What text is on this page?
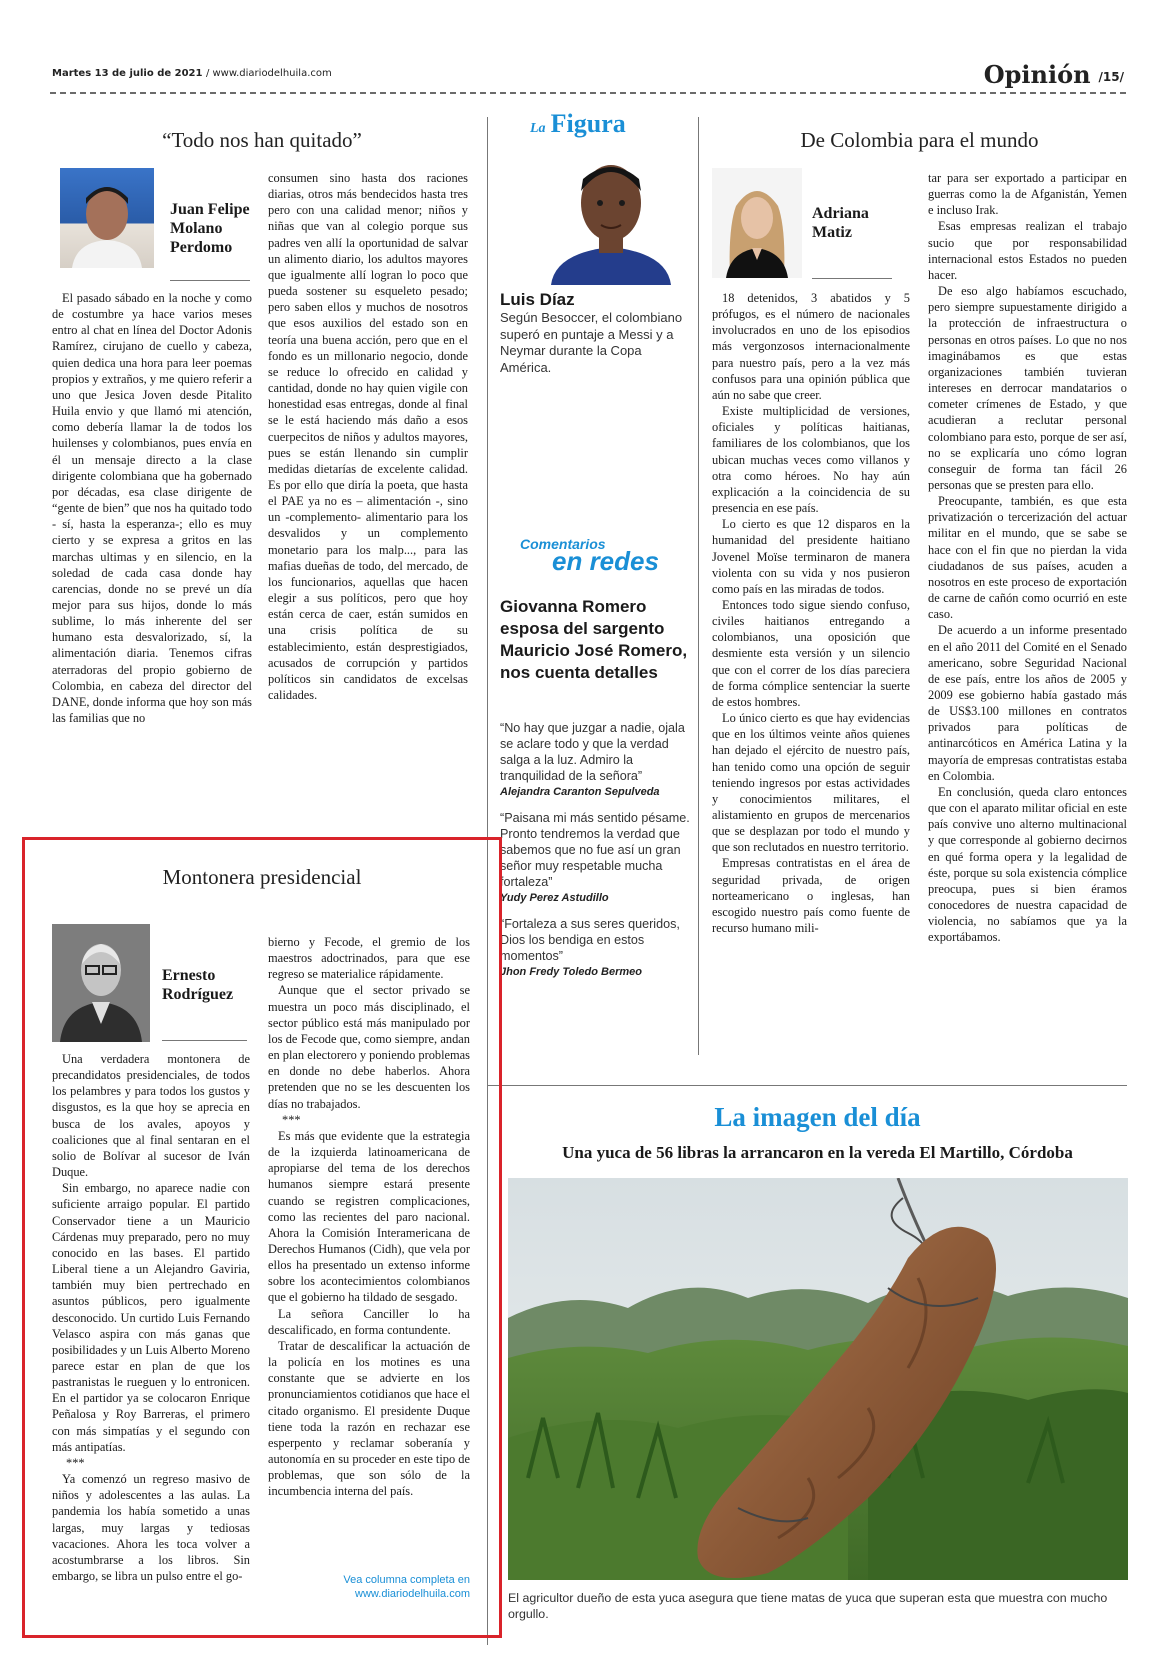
Martes 13 de julio de 2021 / www.diariodelhuila.com	Opinión /15/
“Todo nos han quitado”
Juan Felipe Molano Perdomo

El pasado sábado en la noche y como de costumbre ya hace varios meses entro al chat en línea del Doctor Adonis Ramírez, cirujano de cuello y cabeza, quien dedica una hora para leer poemas propios y extraños, y me quiero referir a uno que Jesica Joven desde Pitalito Huila envio y que llamó mi atención, como debería llamar la de todos los huilenses y colombianos, pues envía en él un mensaje directo a la clase dirigente colombiana que ha gobernado por décadas, esa clase dirigente de “gente de bien” que nos ha quitado todo - sí, hasta la esperanza-; ello es muy cierto y se expresa a gritos en las marchas ultimas y en silencio, en la soledad de cada casa donde hay carencias, donde no se prevé un día mejor para sus hijos, donde lo más sublime, lo más inherente del ser humano esta desvalorizado, sí, la alimentación diaria. Tenemos cifras aterradoras del propio gobierno de Colombia, en cabeza del director del DANE, donde informa que hoy son más las familias que no

consumen sino hasta dos raciones diarias, otros más bendecidos hasta tres pero con una calidad menor; niños y niñas que van al colegio porque sus padres ven allí la oportunidad de salvar un alimento diario, los adultos mayores que igualmente allí logran lo poco que pueda sostener su esqueleto pesado; pero saben ellos y muchos de nosotros que esos auxilios del estado son en teoría una buena acción, pero que en el fondo es un millonario negocio, donde se reduce lo ofrecido en calidad y cantidad, donde no hay quien vigile con honestidad esas entregas, donde al final se le está haciendo más daño a esos cuerpecitos de niños y adultos mayores, pues se están llenando sin cumplir medidas dietarías de excelente calidad. Es por ello que diría la poeta, que hasta el PAE ya no es – alimentación -, sino un -complemento- alimentario para los desvalidos y un complemento monetario para los malp..., para las mafias dueñas de todo, del mercado, de los funcionarios, aquellas que hacen elegir a sus políticos, pero que hoy están cerca de caer, están sumidos en una crisis política de su establecimiento, están desprestigiados, acusados de corrupción y partidos políticos sin candidatos de excelsas calidades.

La Figura
Luis Díaz
Según Besoccer, el colombiano superó en puntaje a Messi y a Neymar durante la Copa América.
Comentarios
en redes
Giovanna Romero esposa del sargento Mauricio José Romero, nos cuenta detalles
“No hay que juzgar a nadie, ojala se aclare todo y que la verdad salga a la luz. Admiro la tranquilidad de la señora”
Alejandra Caranton Sepulveda
“Paisana mi más sentido pésame. Pronto tendremos la verdad que sabemos que no fue así un gran señor muy respetable mucha fortaleza”
Yudy Perez Astudillo
“Fortaleza a sus seres queridos, Dios los bendiga en estos momentos”
Jhon Fredy Toledo Bermeo
De Colombia para el mundo
Adriana Matiz

18 detenidos, 3 abatidos y 5 prófugos, es el número de nacionales involucrados en uno de los episodios más vergonzosos internacionalmente para nuestro país, pero a la vez más confusos para una opinión pública que aún no sabe que creer.

Existe multiplicidad de versiones, oficiales y políticas haitianas, familiares de los colombianos, que los ubican muchas veces como villanos y otra como héroes. No hay aún explicación a la coincidencia de su presencia en ese país.

Lo cierto es que 12 disparos en la humanidad del presidente haitiano Jovenel Moïse terminaron de manera violenta con su vida y nos pusieron como país en las miradas de todos.

Entonces todo sigue siendo confuso, civiles haitianos entregando a colombianos, una oposición que desmiente esta versión y un silencio que con el correr de los días pareciera de forma cómplice sentenciar la suerte de estos hombres.

Lo único cierto es que hay evidencias que en los últimos veinte años quienes han dejado el ejército de nuestro país, han tenido como una opción de seguir teniendo ingresos por estas actividades y conocimientos militares, el alistamiento en grupos de mercenarios que se desplazan por todo el mundo y que son reclutados en nuestro territorio.

Empresas contratistas en el área de seguridad privada, de origen norteamericano o inglesas, han escogido nuestro país como fuente de recurso humano mili-

tar para ser exportado a participar en guerras como la de Afganistán, Yemen e incluso Irak.

Esas empresas realizan el trabajo sucio que por responsabilidad internacional estos Estados no pueden hacer.

De eso algo habíamos escuchado, pero siempre supuestamente dirigido a la protección de infraestructura o personas en otros países. Lo que no nos imaginábamos es que estas organizaciones también tuvieran intereses en derrocar mandatarios o cometer crímenes de Estado, y que acudieran a reclutar personal colombiano para esto, porque de ser así, no se explicaría uno cómo logran conseguir de forma tan fácil 26 personas que se presten para ello.

Preocupante, también, es que esta privatización o tercerización del actuar militar en el mundo, que se sabe se hace con el fin que no pierdan la vida ciudadanos de sus países, acuden a nosotros en este proceso de exportación de carne de cañón como ocurrió en este caso.

De acuerdo a un informe presentado en el año 2011 del Comité en el Senado americano, sobre Seguridad Nacional de ese país, entre los años de 2005 y 2009 ese gobierno había gastado más de US$3.100 millones en contratos privados para políticas de antinarcóticos en América Latina y la mayoría de empresas contratistas estaba en Colombia.

En conclusión, queda claro entonces que con el aparato militar oficial en este país convive uno alterno multinacional y que corresponde al gobierno decirnos en qué forma opera y la legalidad de éste, porque su sola existencia cómplice preocupa, pues si bien éramos conocedores de nuestra capacidad de violencia, no sabíamos que ya la exportábamos.

Montonera presidencial
Ernesto Rodríguez

Una verdadera montonera de precandidatos presidenciales, de todos los pelambres y para todos los gustos y disgustos, es la que hoy se aprecia en busca de los avales, apoyos y coaliciones que al final sentaran en el solio de Bolívar al sucesor de Iván Duque.

Sin embargo, no aparece nadie con suficiente arraigo popular. El partido Conservador tiene a un Mauricio Cárdenas muy preparado, pero no muy conocido en las bases. El partido Liberal tiene a un Alejandro Gaviria, también muy bien pertrechado en asuntos públicos, pero igualmente desconocido. Un curtido Luis Fernando Velasco aspira con más ganas que posibilidades y un Luis Alberto Moreno parece estar en plan de que los pastranistas le rueguen y lo entronicen. En el partidor ya se colocaron Enrique Peñalosa y Roy Barreras, el primero con más simpatías y el segundo con más antipatías.

***

Ya comenzó un regreso masivo de niños y adolescentes a las aulas. La pandemia los había sometido a unas largas, muy largas y tediosas vacaciones. Ahora les toca volver a acostumbrarse a los libros. Sin embargo, se libra un pulso entre el go-

bierno y Fecode, el gremio de los maestros adoctrinados, para que ese regreso se materialice rápidamente.

Aunque que el sector privado se muestra un poco más disciplinado, el sector público está más manipulado por los de Fecode que, como siempre, andan en plan electorero y poniendo problemas en donde no debe haberlos. Ahora pretenden que no se les descuenten los días no trabajados.

***

Es más que evidente que la estrategia de la izquierda latinoamericana de apropiarse del tema de los derechos humanos siempre estará presente cuando se registren complicaciones, como las recientes del paro nacional. Ahora la Comisión Interamericana de Derechos Humanos (Cidh), que vela por ellos ha presentado un extenso informe sobre los acontecimientos colombianos que el gobierno ha tildado de sesgado.

La señora Canciller lo ha descalificado, en forma contundente.

Tratar de descalificar la actuación de la policía en los motines es una constante que se advierte en los pronunciamientos cotidianos que hace el citado organismo. El presidente Duque tiene toda la razón en rechazar ese esperpento y reclamar soberanía y autonomía en su proceder en este tipo de problemas, que son sólo de la incumbencia interna del país.

Vea columna completa en
www.diariodelhuila.com
La imagen del día
Una yuca de 56 libras la arrancaron en la vereda El Martillo, Córdoba
El agricultor dueño de esta yuca asegura que tiene matas de yuca que superan esta que muestra con mucho orgullo.
